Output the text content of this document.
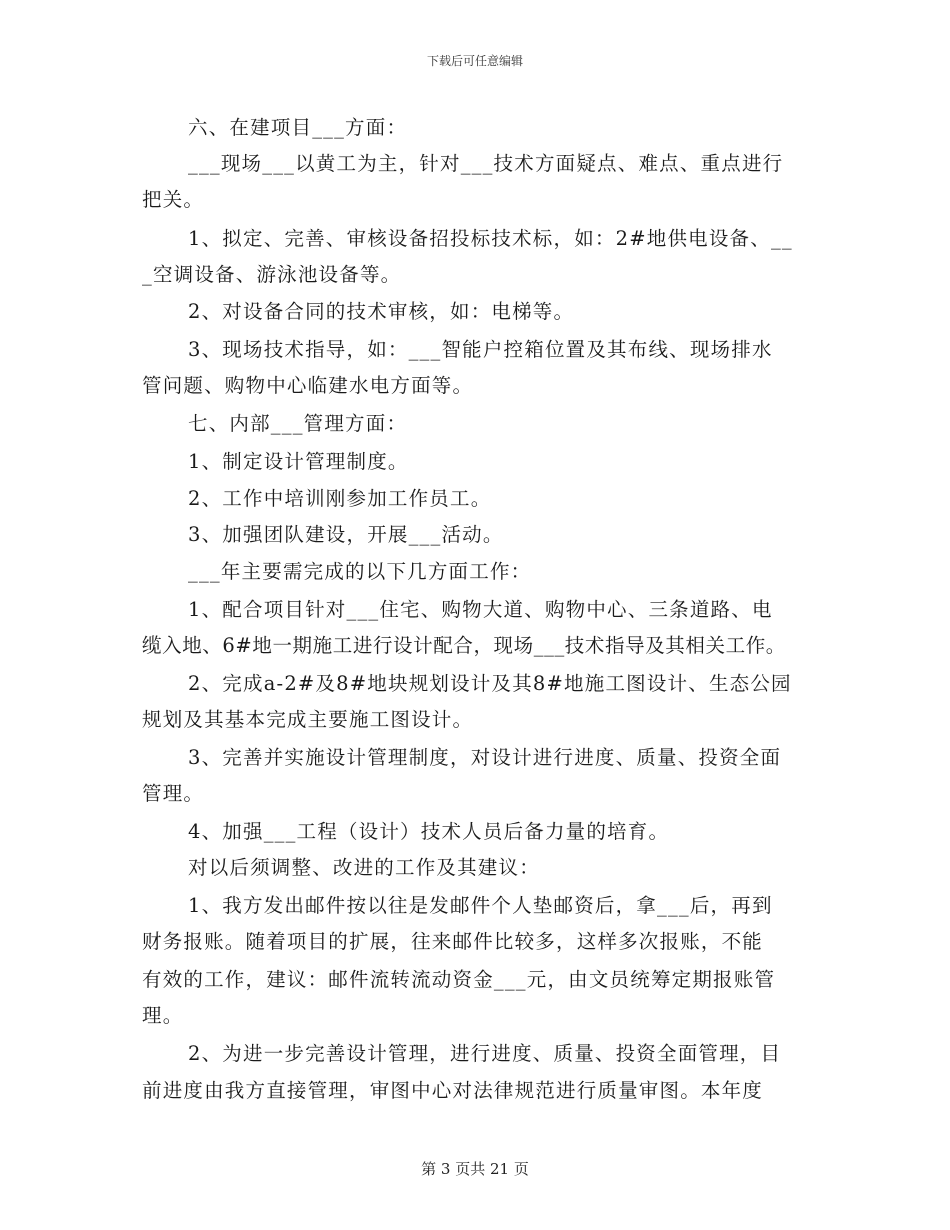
下载后可任意编辑
六、在建项目___方面：
___现场___以黄工为主，针对___技术方面疑点、难点、重点进行
把关。
1、拟定、完善、审核设备招投标技术标，如：2#地供电设备、__
_空调设备、游泳池设备等。
2、对设备合同的技术审核，如：电梯等。
3、现场技术指导，如：___智能户控箱位置及其布线、现场排水
管问题、购物中心临建水电方面等。
七、内部___管理方面：
1、制定设计管理制度。
2、工作中培训刚参加工作员工。
3、加强团队建设，开展___活动。
___年主要需完成的以下几方面工作：
1、配合项目针对___住宅、购物大道、购物中心、三条道路、电
缆入地、6#地一期施工进行设计配合，现场___技术指导及其相关工作。
2、完成a-2#及8#地块规划设计及其8#地施工图设计、生态公园
规划及其基本完成主要施工图设计。
3、完善并实施设计管理制度，对设计进行进度、质量、投资全面
管理。
4、加强___工程（设计）技术人员后备力量的培育。
对以后须调整、改进的工作及其建议：
1、我方发出邮件按以往是发邮件个人垫邮资后，拿___后，再到
财务报账。随着项目的扩展，往来邮件比较多，这样多次报账，不能
有效的工作，建议：邮件流转流动资金___元，由文员统筹定期报账管
理。
2、为进一步完善设计管理，进行进度、质量、投资全面管理，目
前进度由我方直接管理，审图中心对法律规范进行质量审图。本年度
第 3 页共 21 页
